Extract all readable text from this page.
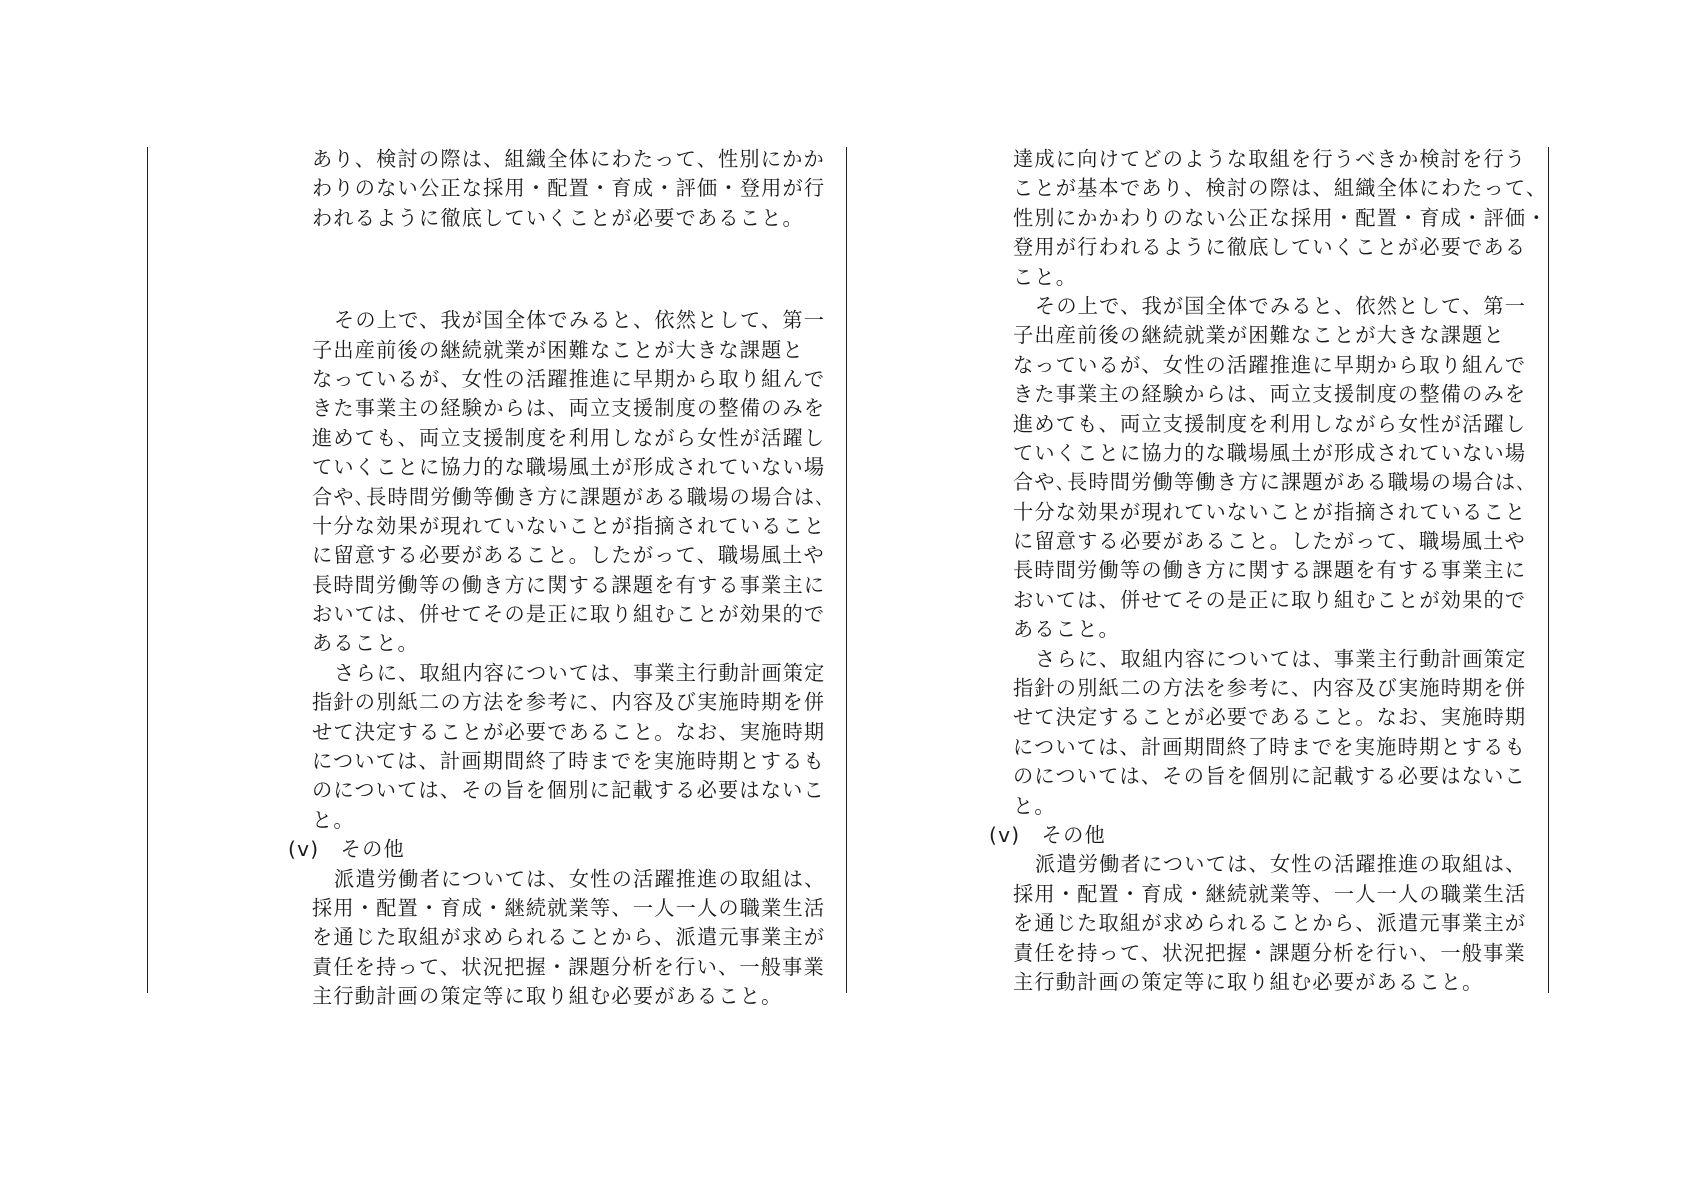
あり、検討の際は、組織全体にわたって、性別にかか
わりのない公正な採用・配置・育成・評価・登用が行
われるように徹底していくことが必要であること。
その上で、我が国全体でみると、依然として、第一
子出産前後の継続就業が困難なことが大きな課題と
なっているが、女性の活躍推進に早期から取り組んで
きた事業主の経験からは、両立支援制度の整備のみを
進めても、両立支援制度を利用しながら女性が活躍し
ていくことに協力的な職場風土が形成されていない場
合や､長時間労働等働き方に課題がある職場の場合は､
十分な効果が現れていないことが指摘されていること
に留意する必要があること。したがって、職場風土や
長時間労働等の働き方に関する課題を有する事業主に
おいては、併せてその是正に取り組むことが効果的で
あること。
さらに、取組内容については、事業主行動計画策定
指針の別紙二の方法を参考に、内容及び実施時期を併
せて決定することが必要であること。なお、実施時期
については、計画期間終了時までを実施時期とするも
のについては、その旨を個別に記載する必要はないこ
と。
(v)　その他
派遣労働者については、女性の活躍推進の取組は、
採用・配置・育成・継続就業等、一人一人の職業生活
を通じた取組が求められることから、派遣元事業主が
責任を持って、状況把握・課題分析を行い、一般事業
主行動計画の策定等に取り組む必要があること。
達成に向けてどのような取組を行うべきか検討を行う
ことが基本であり、検討の際は、組織全体にわたって、
性別にかかわりのない公正な採用・配置・育成・評価・
登用が行われるように徹底していくことが必要である
こと。
その上で、我が国全体でみると、依然として、第一
子出産前後の継続就業が困難なことが大きな課題と
なっているが、女性の活躍推進に早期から取り組んで
きた事業主の経験からは、両立支援制度の整備のみを
進めても、両立支援制度を利用しながら女性が活躍し
ていくことに協力的な職場風土が形成されていない場
合や､長時間労働等働き方に課題がある職場の場合は､
十分な効果が現れていないことが指摘されていること
に留意する必要があること。したがって、職場風土や
長時間労働等の働き方に関する課題を有する事業主に
おいては、併せてその是正に取り組むことが効果的で
あること。
さらに、取組内容については、事業主行動計画策定
指針の別紙二の方法を参考に、内容及び実施時期を併
せて決定することが必要であること。なお、実施時期
については、計画期間終了時までを実施時期とするも
のについては、その旨を個別に記載する必要はないこ
と。
(v)　その他
派遣労働者については、女性の活躍推進の取組は、
採用・配置・育成・継続就業等、一人一人の職業生活
を通じた取組が求められることから、派遣元事業主が
責任を持って、状況把握・課題分析を行い、一般事業
主行動計画の策定等に取り組む必要があること。
